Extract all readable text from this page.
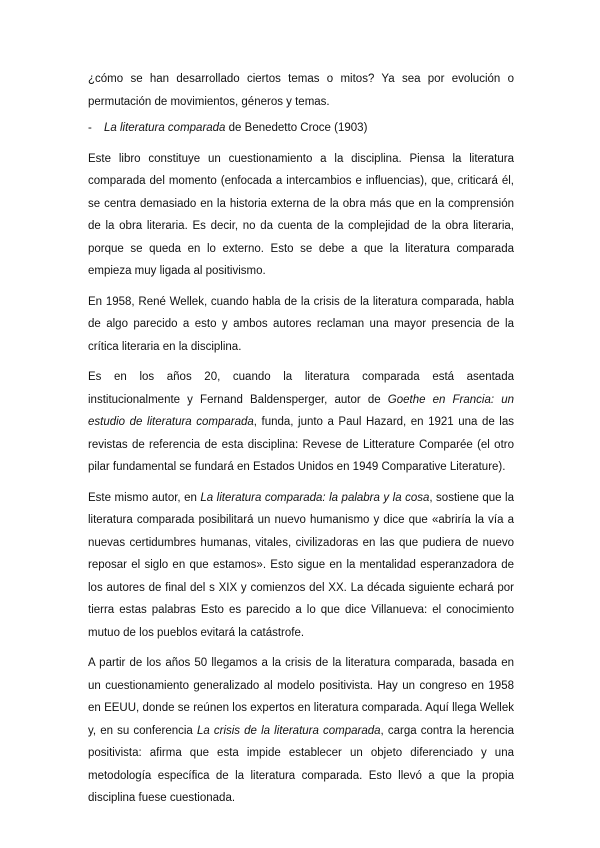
¿cómo se han desarrollado ciertos temas o mitos? Ya sea por evolución o permutación de movimientos, géneros y temas.

-	La literatura comparada de Benedetto Croce (1903)

Este libro constituye un cuestionamiento a la disciplina. Piensa la literatura comparada del momento (enfocada a intercambios e influencias), que, criticará él, se centra demasiado en la historia externa de la obra más que en la comprensión de la obra literaria. Es decir, no da cuenta de la complejidad de la obra literaria, porque se queda en lo externo. Esto se debe a que la literatura comparada empieza muy ligada al positivismo.

En 1958, René Wellek, cuando habla de la crisis de la literatura comparada, habla de algo parecido a esto y ambos autores reclaman una mayor presencia de la crítica literaria en la disciplina.

Es en los años 20, cuando la literatura comparada está asentada institucionalmente y Fernand Baldensperger, autor de Goethe en Francia: un estudio de literatura comparada, funda, junto a Paul Hazard, en 1921 una de las revistas de referencia de esta disciplina: Revese de Litterature Comparée (el otro pilar fundamental se fundará en Estados Unidos en 1949 Comparative Literature).

Este mismo autor, en La literatura comparada: la palabra y la cosa, sostiene que la literatura comparada posibilitará un nuevo humanismo y dice que «abriría la vía a nuevas certidumbres humanas, vitales, civilizadoras en las que pudiera de nuevo reposar el siglo en que estamos». Esto sigue en la mentalidad esperanzadora de los autores de final del s XIX y comienzos del XX. La década siguiente echará por tierra estas palabras Esto es parecido a lo que dice Villanueva: el conocimiento mutuo de los pueblos evitará la catástrofe.

A partir de los años 50 llegamos a la crisis de la literatura comparada, basada en un cuestionamiento generalizado al modelo positivista. Hay un congreso en 1958 en EEUU, donde se reúnen los expertos en literatura comparada. Aquí llega Wellek y, en su conferencia La crisis de la literatura comparada, carga contra la herencia positivista: afirma que esta impide establecer un objeto diferenciado y una metodología específica de la literatura comparada. Esto llevó a que la propia disciplina fuese cuestionada.
